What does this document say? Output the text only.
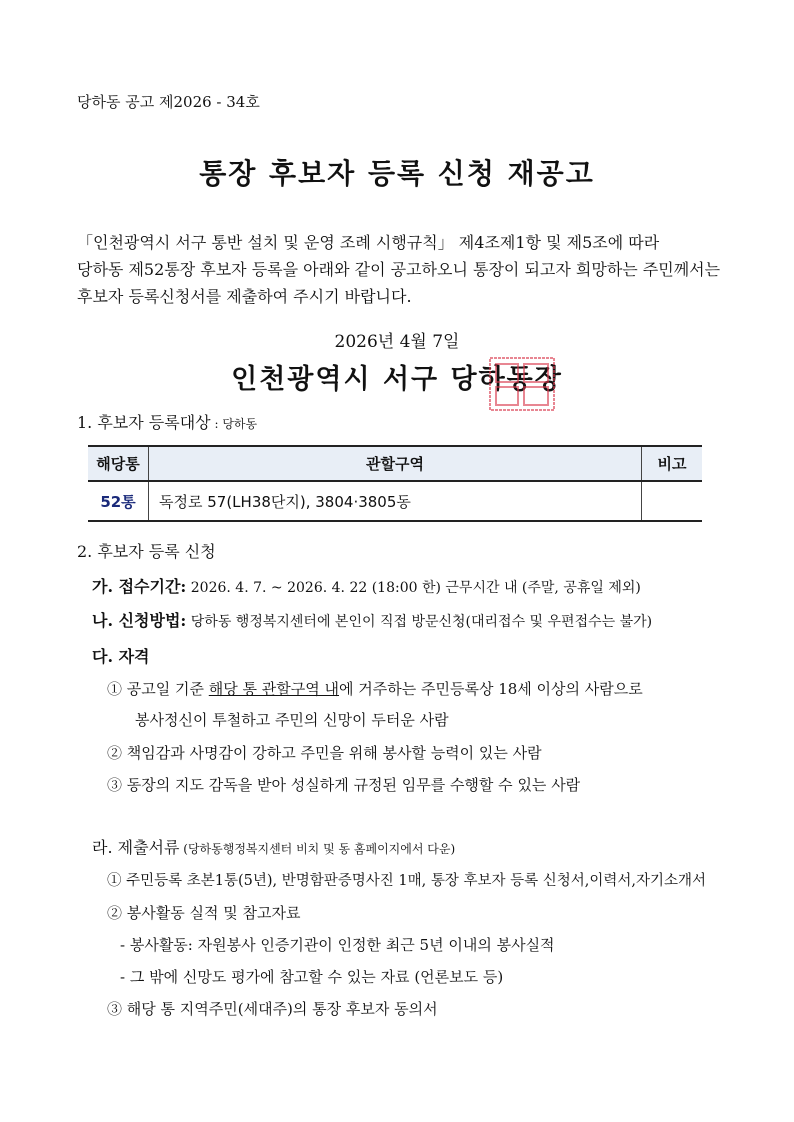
당하동 공고 제2026 - 34호
통장 후보자 등록 신청 재공고
「인천광역시 서구 통반 설치 및 운영 조례 시행규칙」 제4조제1항 및 제5조에 따라
당하동 제52통장 후보자 등록을 아래와 같이 공고하오니 통장이 되고자 희망하는 주민께서는
후보자 등록신청서를 제출하여 주시기 바랍니다.
2026년 4월 7일
인천광역시 서구 당하동장
1. 후보자 등록대상 : 당하동
해당통	관할구역	비고
52통	독정로 57(LH38단지), 3804·3805동	
2. 후보자 등록 신청
가. 접수기간: 2026. 4. 7. ~ 2026. 4. 22 (18:00 한) 근무시간 내 (주말, 공휴일 제외)
나. 신청방법: 당하동 행정복지센터에 본인이 직접 방문신청(대리접수 및 우편접수는 불가)
다. 자격
① 공고일 기준 해당 통 관할구역 내에 거주하는 주민등록상 18세 이상의 사람으로
봉사정신이 투철하고 주민의 신망이 두터운 사람
② 책임감과 사명감이 강하고 주민을 위해 봉사할 능력이 있는 사람
③ 동장의 지도 감독을 받아 성실하게 규정된 임무를 수행할 수 있는 사람
라. 제출서류 (당하동행정복지센터 비치 및 동 홈페이지에서 다운)
① 주민등록 초본1통(5년), 반명함판증명사진 1매, 통장 후보자 등록 신청서,이력서,자기소개서
② 봉사활동 실적 및 참고자료
- 봉사활동: 자원봉사 인증기관이 인정한 최근 5년 이내의 봉사실적
- 그 밖에 신망도 평가에 참고할 수 있는 자료 (언론보도 등)
③ 해당 통 지역주민(세대주)의 통장 후보자 동의서
